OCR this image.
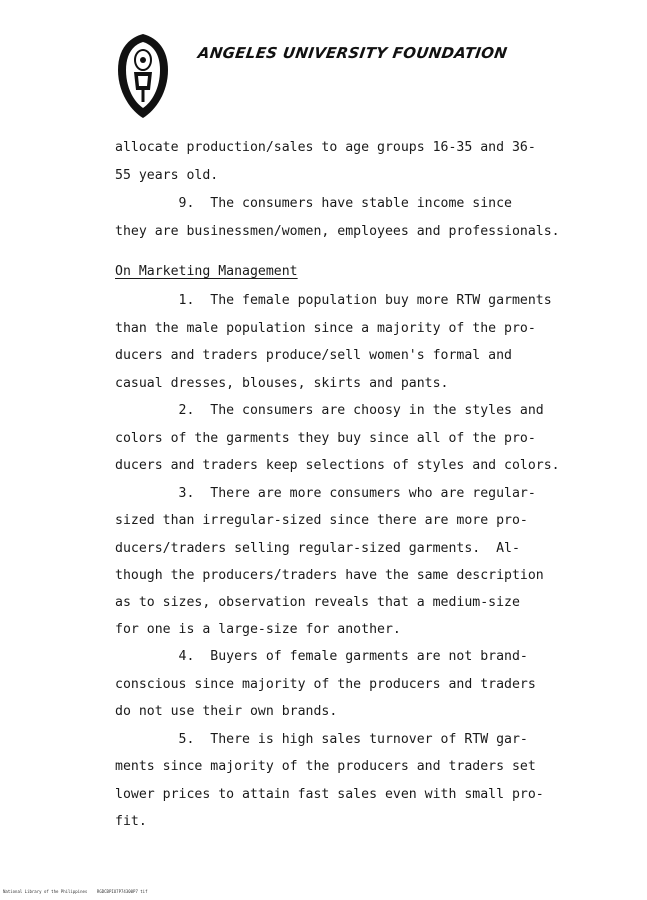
ANGELES UNIVERSITY FOUNDATION
allocate production/sales to age groups 16-35 and 36-
55 years old.
9.  The consumers have stable income since
they are businessmen/women, employees and professionals.
On Marketing Management
1.  The female population buy more RTW garments
than the male population since a majority of the pro-
ducers and traders produce/sell women's formal and
casual dresses, blouses, skirts and pants.
2.  The consumers are choosy in the styles and
colors of the garments they buy since all of the pro-
ducers and traders keep selections of styles and colors.
3.  There are more consumers who are regular-
sized than irregular-sized since there are more pro-
ducers/traders selling regular-sized garments.  Al-
though the producers/traders have the same description
as to sizes, observation reveals that a medium-size
for one is a large-size for another.
4.  Buyers of female garments are not brand-
conscious since majority of the producers and traders
do not use their own brands.
5.  There is high sales turnover of RTW gar-
ments since majority of the producers and traders set
lower prices to attain fast sales even with small pro-
fit.
National Library of the Philippines    RGDCBPIU7P74300P7 tif
